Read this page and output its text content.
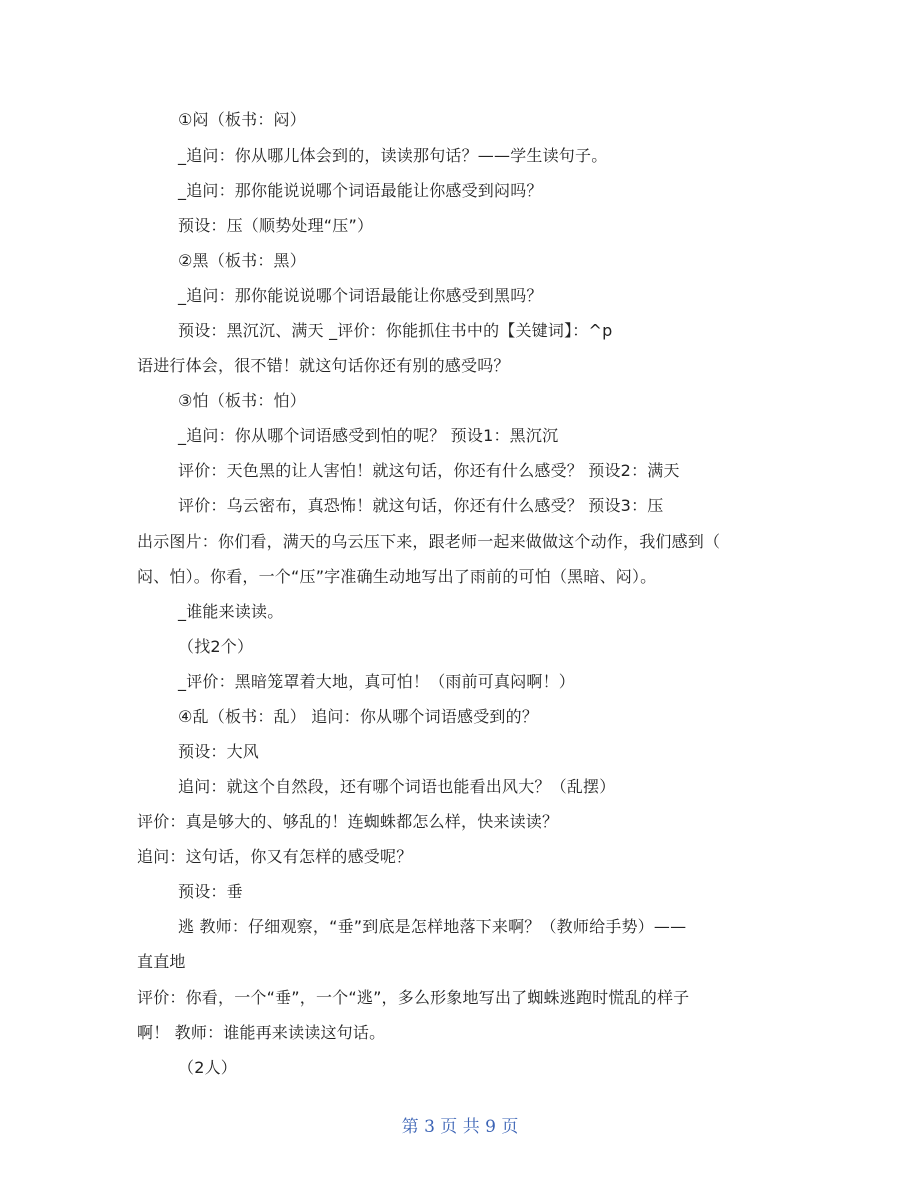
①闷（板书：闷）
_追问：你从哪儿体会到的，读读那句话？——学生读句子。
_追问：那你能说说哪个词语最能让你感受到闷吗？
预设：压（顺势处理“压”）
②黑（板书：黑）
_追问：那你能说说哪个词语最能让你感受到黑吗？
预设：黑沉沉、满天 _评价：你能抓住书中的【关键词】：^p
语进行体会，很不错！就这句话你还有别的感受吗？
③怕（板书：怕）
_追问：你从哪个词语感受到怕的呢？ 预设1：黑沉沉
评价：天色黑的让人害怕！就这句话，你还有什么感受？ 预设2：满天
评价：乌云密布，真恐怖！就这句话，你还有什么感受？ 预设3：压
出示图片：你们看，满天的乌云压下来，跟老师一起来做做这个动作，我们感到（
闷、怕）。你看，一个“压”字准确生动地写出了雨前的可怕（黑暗、闷）。
_谁能来读读。
（找2个）
_评价：黑暗笼罩着大地，真可怕！（雨前可真闷啊！）
④乱（板书：乱） 追问：你从哪个词语感受到的？
预设：大风
追问：就这个自然段，还有哪个词语也能看出风大？（乱摆）
评价：真是够大的、够乱的！连蜘蛛都怎么样，快来读读？
追问：这句话，你又有怎样的感受呢？
预设：垂
逃 教师：仔细观察，“垂”到底是怎样地落下来啊？（教师给手势）——
直直地
评价：你看，一个“垂”，一个“逃”，多么形象地写出了蜘蛛逃跑时慌乱的样子
啊！ 教师：谁能再来读读这句话。
（2人）
第 3 页 共 9 页
